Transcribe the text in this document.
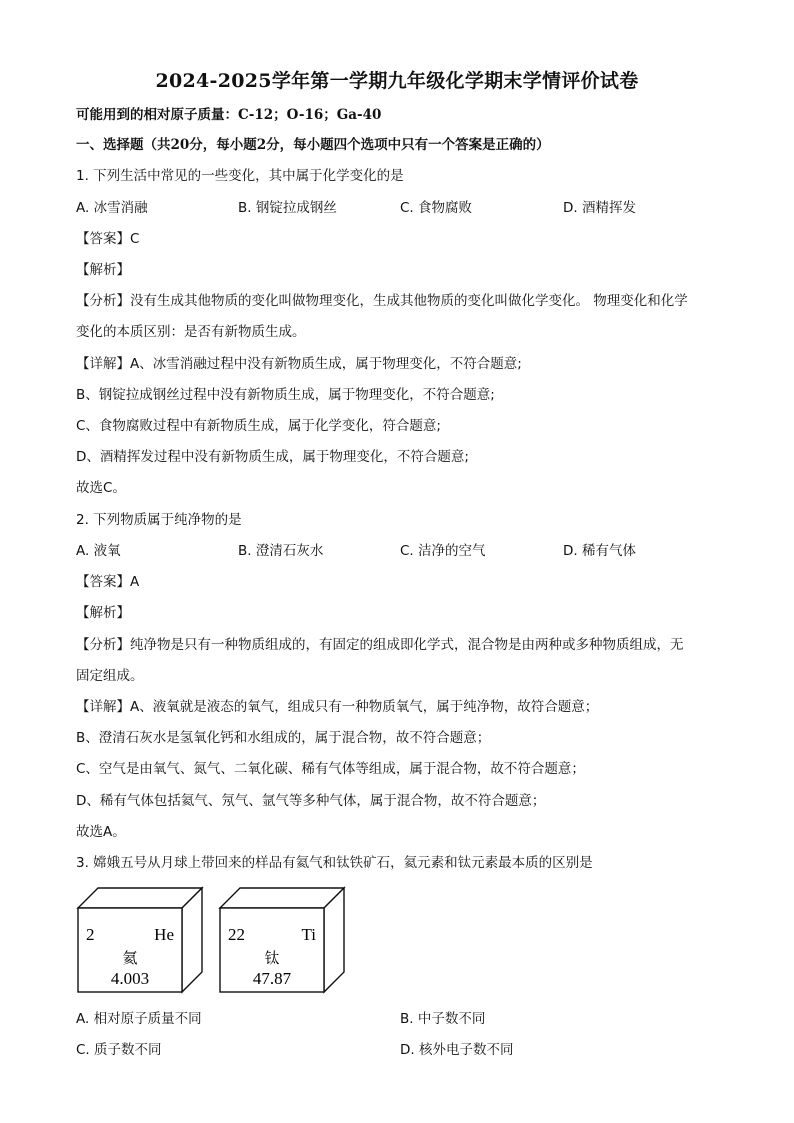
2024-2025学年第一学期九年级化学期末学情评价试卷
可能用到的相对原子质量：C-12；O-16；Ga-40
一、选择题（共20分，每小题2分，每小题四个选项中只有一个答案是正确的）
1. 下列生活中常见的一些变化，其中属于化学变化的是
A. 冰雪消融	B. 钢锭拉成钢丝	C. 食物腐败	D. 酒精挥发
【答案】C
【解析】
【分析】没有生成其他物质的变化叫做物理变化，生成其他物质的变化叫做化学变化。 物理变化和化学
变化的本质区别：是否有新物质生成。
【详解】A、冰雪消融过程中没有新物质生成，属于物理变化，不符合题意;
B、钢锭拉成钢丝过程中没有新物质生成，属于物理变化，不符合题意;
C、食物腐败过程中有新物质生成，属于化学变化，符合题意;
D、酒精挥发过程中没有新物质生成，属于物理变化，不符合题意;
故选C。
2. 下列物质属于纯净物的是
A. 液氧	B. 澄清石灰水	C. 洁净的空气	D. 稀有气体
【答案】A
【解析】
【分析】纯净物是只有一种物质组成的，有固定的组成即化学式，混合物是由两种或多种物质组成，无
固定组成。
【详解】A、液氧就是液态的氧气，组成只有一种物质氧气，属于纯净物，故符合题意；
B、澄清石灰水是氢氧化钙和水组成的，属于混合物，故不符合题意；
C、空气是由氧气、氮气、二氧化碳、稀有气体等组成，属于混合物，故不符合题意；
D、稀有气体包括氦气、氖气、氩气等多种气体，属于混合物，故不符合题意；
故选A。
3. 嫦娥五号从月球上带回来的样品有氦气和钛铁矿石，氦元素和钛元素最本质的区别是
2	He
氦
4.003
22	Ti
钛
47.87
A. 相对原子质量不同	B. 中子数不同
C. 质子数不同	D. 核外电子数不同
